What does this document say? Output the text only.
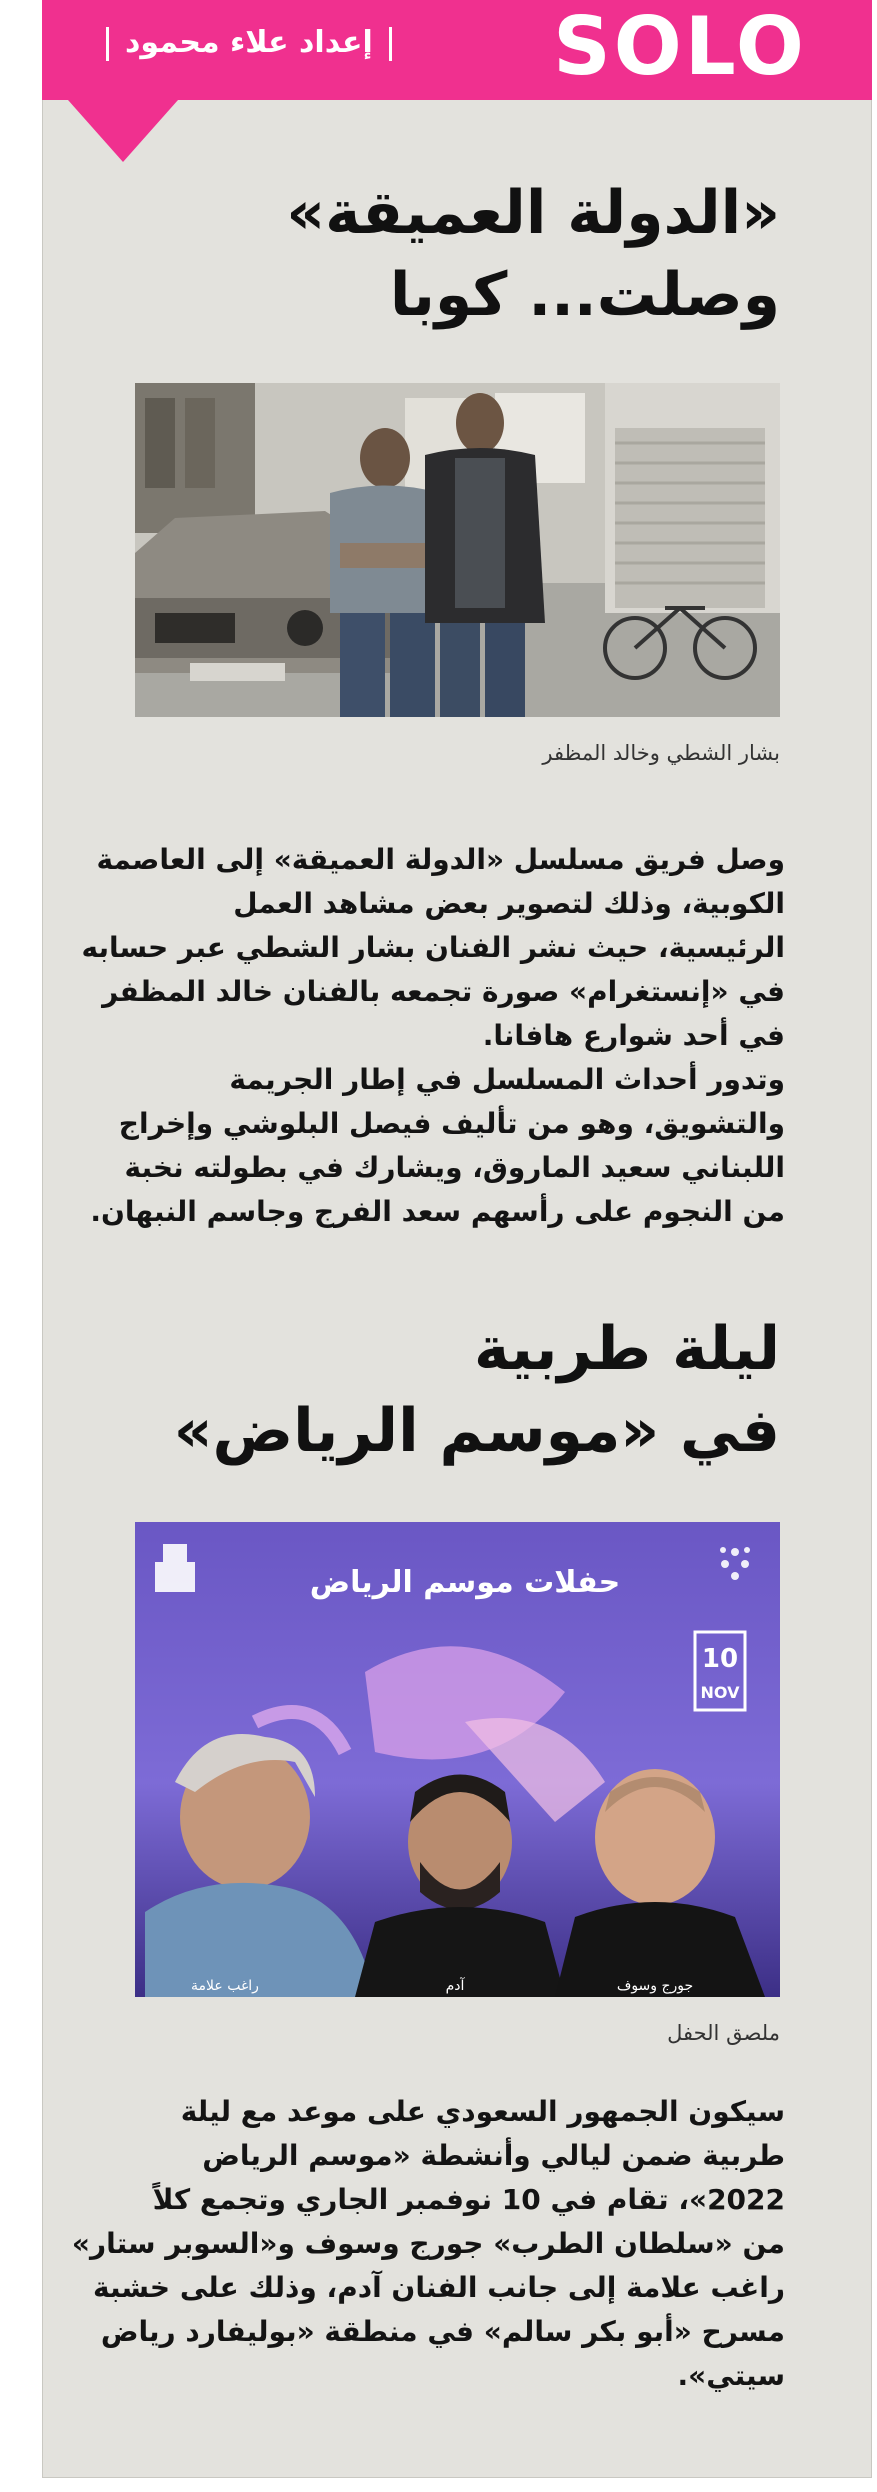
SOLO
إعداد علاء محمود
«الدولة العميقة»
وصلت... كوبا
بشار الشطي وخالد المظفر
وصل فريق مسلسل «الدولة العميقة» إلى العاصمة
الكوبية، وذلك لتصوير بعض مشاهد العمل
الرئيسية، حيث نشر الفنان بشار الشطي عبر حسابه
في «إنستغرام» صورة تجمعه بالفنان خالد المظفر
في أحد شوارع هافانا.
وتدور أحداث المسلسل في إطار الجريمة
والتشويق، وهو من تأليف فيصل البلوشي وإخراج
اللبناني سعيد الماروق، ويشارك في بطولته نخبة
من النجوم على رأسهم سعد الفرج وجاسم النبهان.
ليلة طربية
في «موسم الرياض»
10
NOV
حفلات موسم الرياض
راغب علامة	آدم	جورج وسوف
ملصق الحفل
سيكون الجمهور السعودي على موعد مع ليلة
طربية ضمن ليالي وأنشطة «موسم الرياض
2022»، تقام في 10 نوفمبر الجاري وتجمع كلاً
من «سلطان الطرب» جورج وسوف و«السوبر ستار»
راغب علامة إلى جانب الفنان آدم، وذلك على خشبة
مسرح «أبو بكر سالم» في منطقة «بوليفارد رياض
سيتي».
